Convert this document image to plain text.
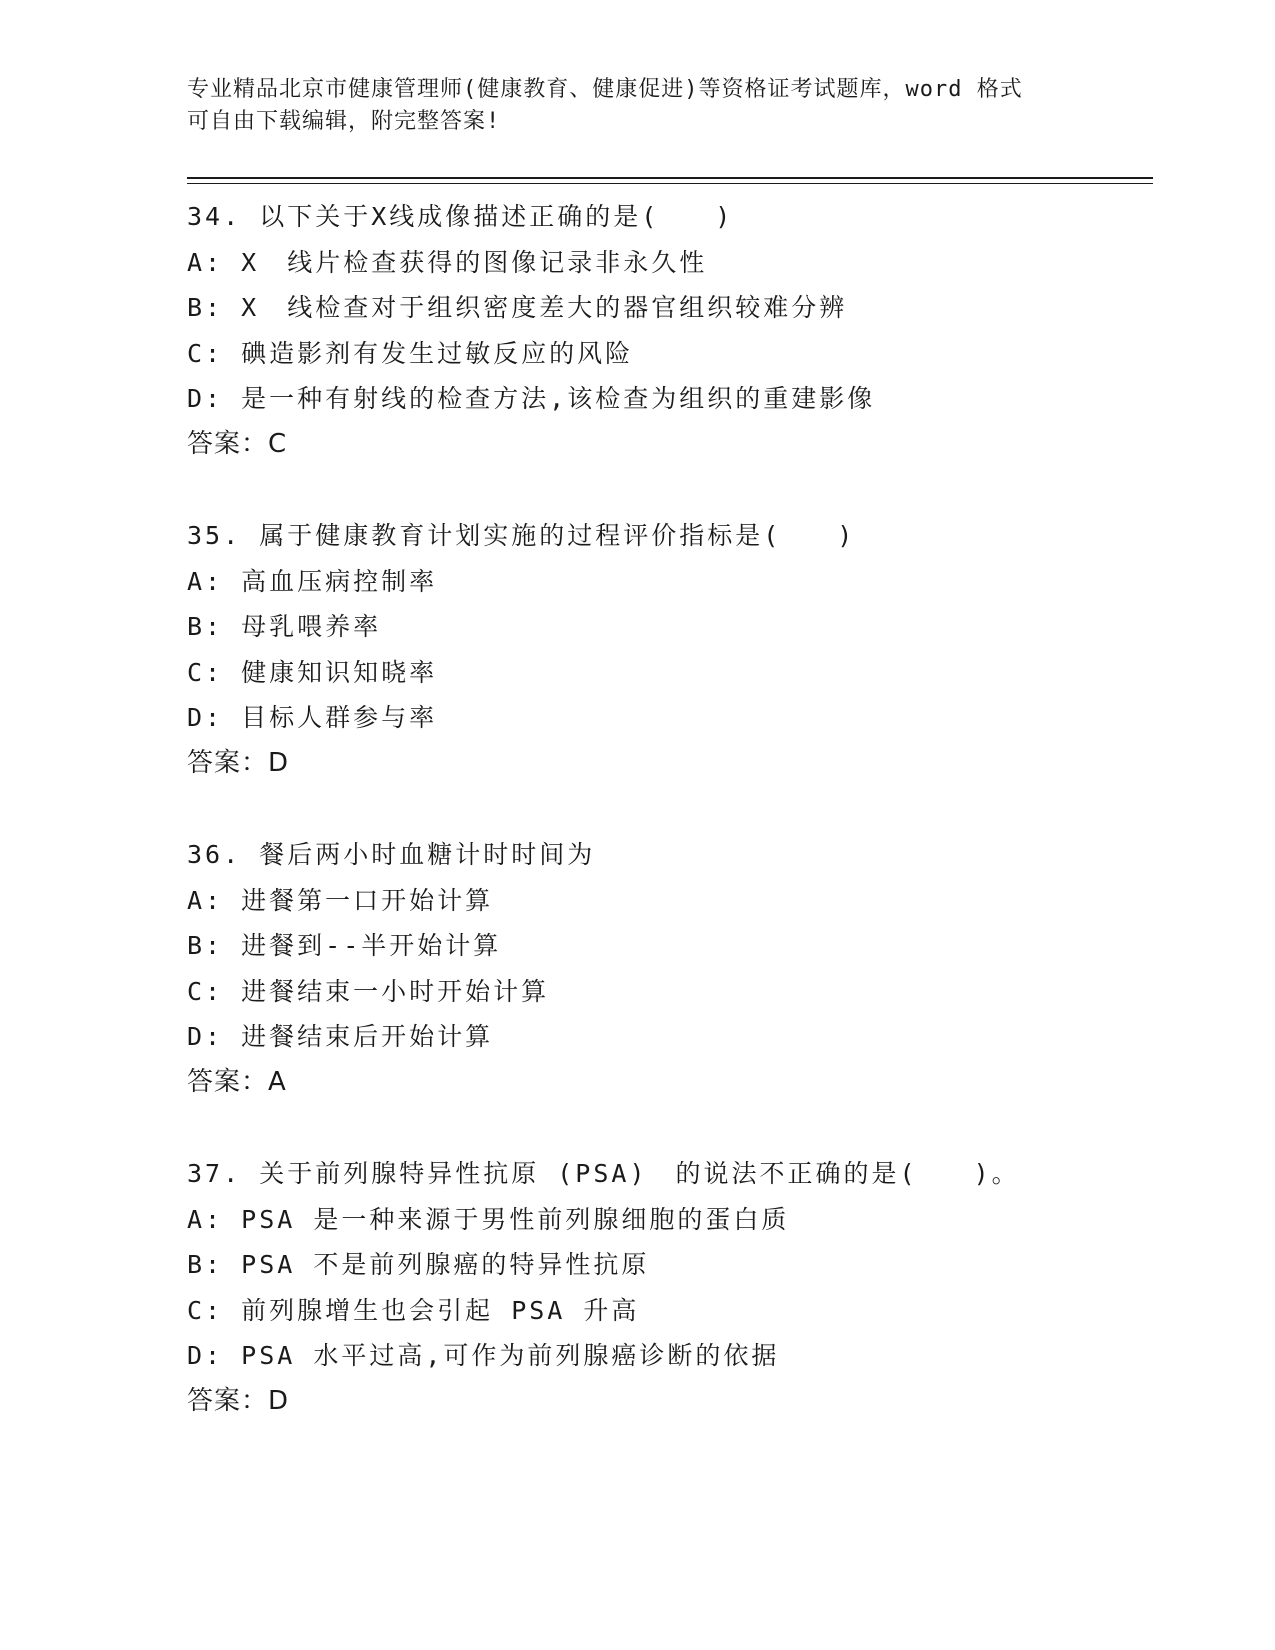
专业精品北京市健康管理师(健康教育、健康促进)等资格证考试题库，word 格式
可自由下载编辑，附完整答案!
34. 以下关于X线成像描述正确的是(　　)
A: X　线片检查获得的图像记录非永久性
B: X　线检查对于组织密度差大的器官组织较难分辨
C: 碘造影剂有发生过敏反应的风险
D: 是一种有射线的检查方法,该检查为组织的重建影像
答案：C
35. 属于健康教育计划实施的过程评价指标是(　　)
A: 高血压病控制率
B: 母乳喂养率
C: 健康知识知晓率
D: 目标人群参与率
答案：D
36. 餐后两小时血糖计时时间为
A: 进餐第一口开始计算
B: 进餐到--半开始计算
C: 进餐结束一小时开始计算
D: 进餐结束后开始计算
答案：A
37. 关于前列腺特异性抗原 (PSA)　的说法不正确的是(　　)。
A: PSA 是一种来源于男性前列腺细胞的蛋白质
B: PSA 不是前列腺癌的特异性抗原
C: 前列腺增生也会引起 PSA 升高
D: PSA 水平过高,可作为前列腺癌诊断的依据
答案：D
